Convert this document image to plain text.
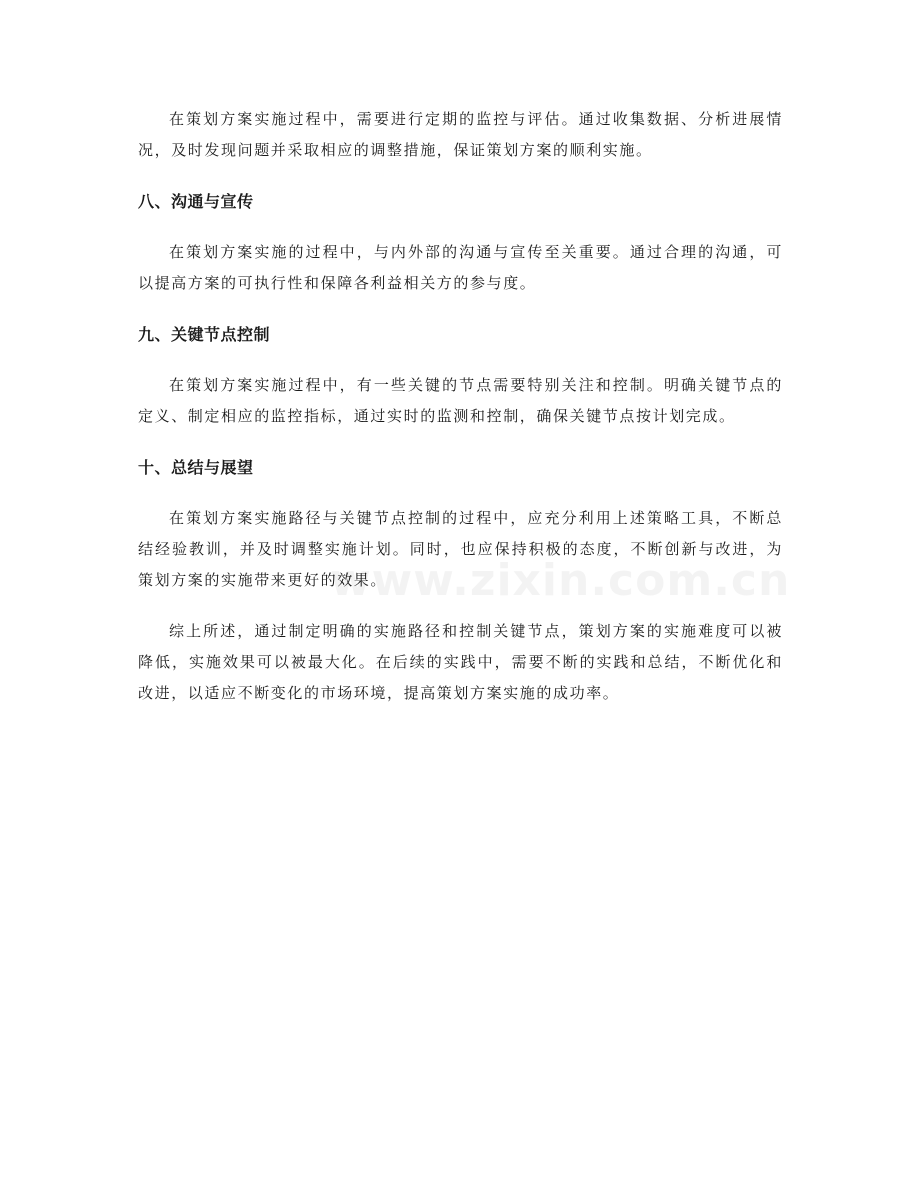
在策划方案实施过程中，需要进行定期的监控与评估。通过收集数据、分析进展情况，及时发现问题并采取相应的调整措施，保证策划方案的顺利实施。

八、沟通与宣传

在策划方案实施的过程中，与内外部的沟通与宣传至关重要。通过合理的沟通，可以提高方案的可执行性和保障各利益相关方的参与度。

九、关键节点控制

在策划方案实施过程中，有一些关键的节点需要特别关注和控制。明确关键节点的定义、制定相应的监控指标，通过实时的监测和控制，确保关键节点按计划完成。

十、总结与展望

在策划方案实施路径与关键节点控制的过程中，应充分利用上述策略工具，不断总结经验教训，并及时调整实施计划。同时，也应保持积极的态度，不断创新与改进，为策划方案的实施带来更好的效果。

综上所述，通过制定明确的实施路径和控制关键节点，策划方案的实施难度可以被降低，实施效果可以被最大化。在后续的实践中，需要不断的实践和总结，不断优化和改进，以适应不断变化的市场环境，提高策划方案实施的成功率。
